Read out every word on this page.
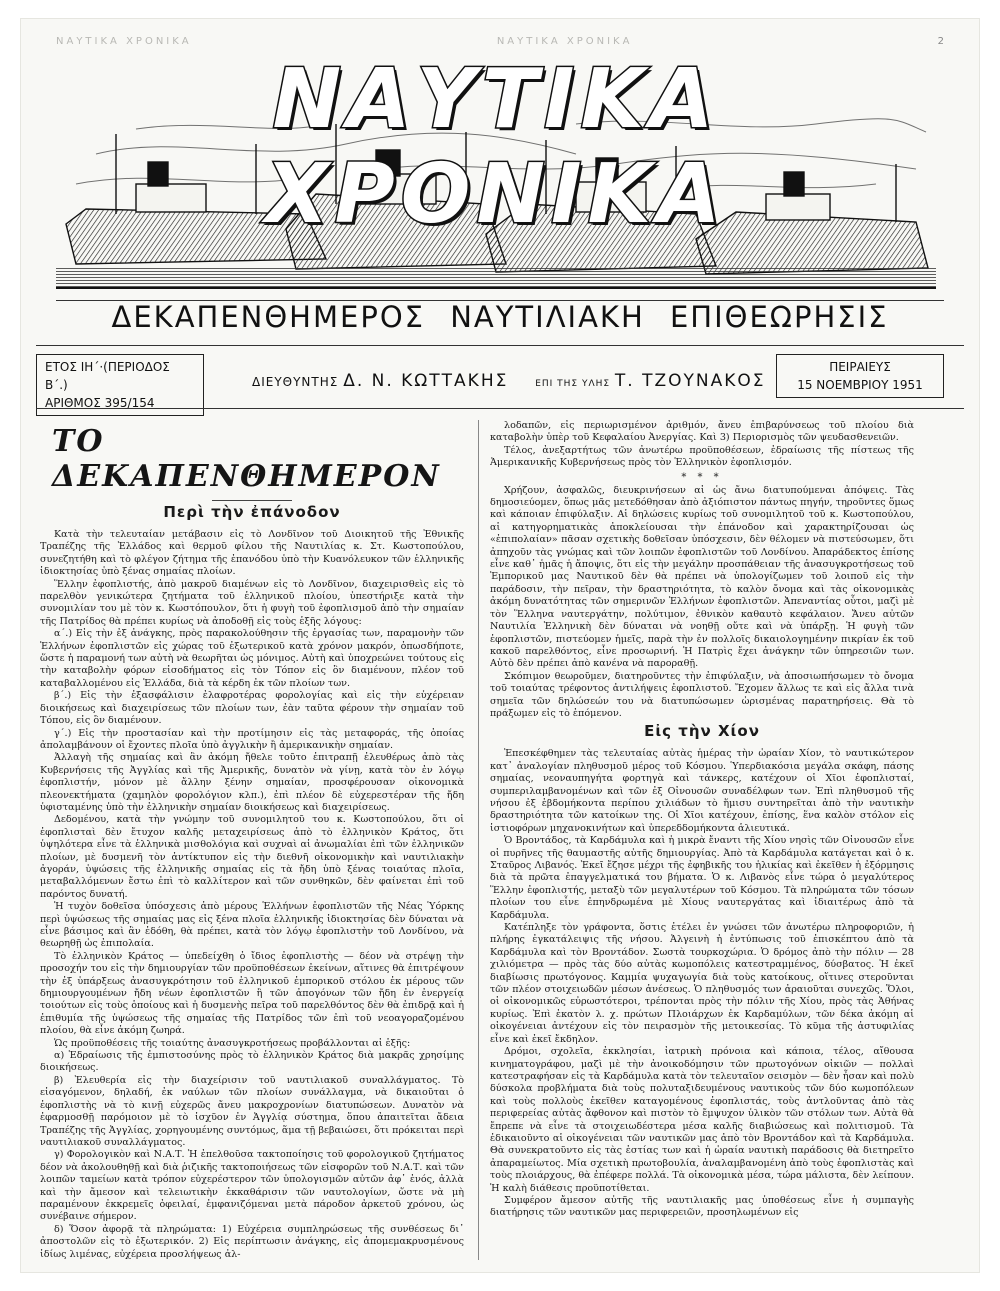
ΝΑΥΤΙΚΑ ΧΡΟΝΙΚΑ	ΝΑΥΤΙΚΑ ΧΡΟΝΙΚΑ	2
ΝΑΥΤΙΚΑ ΧΡΟΝΙΚΑ
ΔΕΚΑΠΕΝΘΗΜΕΡΟΣ ΝΑΥΤΙΛΙΑΚΗ ΕΠΙΘΕΩΡΗΣΙΣ
ΕΤΟΣ ΙΗ΄·(ΠΕΡΙΟΔΟΣ Β΄.)
ΑΡΙΘΜΟΣ 395/154
ΔΙΕΥΘΥΝΤΗΣ Δ. Ν. ΚΩΤΤΑΚΗΣ	ΕΠΙ ΤΗΣ ΥΛΗΣ Τ. ΤΖΟΥΝΑΚΟΣ
ΠΕΙΡΑΙΕΥΣ
15 ΝΟΕΜΒΡΙΟΥ 1951
ΤΟ ΔΕΚΑΠΕΝΘΗΜΕΡΟΝ
Περὶ τὴν ἐπάνοδον

Κατὰ τὴν τελευταίαν μετάβασιν εἰς τὸ Λονδῖνον τοῦ Διοικητοῦ τῆς Ἐθνικῆς Τραπέζης τῆς Ἑλλάδος καὶ θερμοῦ φίλου τῆς Ναυτιλίας κ. Στ. Κωστοπούλου, συνεζητήθη καὶ τὸ φλέγον ζήτημα τῆς ἐπανόδου ὑπὸ τὴν Κυανόλευκον τῶν ἑλληνικῆς ἰδιοκτησίας ὑπὸ ξένας σημαίας πλοίων.

Ἕλλην ἐφοπλιστής, ἀπὸ μακροῦ διαμένων εἰς τὸ Λονδῖνον, διαχειρισθεὶς εἰς τὸ παρελθὸν γενικώτερα ζητήματα τοῦ ἑλληνικοῦ πλοίου, ὑπεστήριξε κατὰ τὴν συνομιλίαν του μὲ τὸν κ. Κωστόπουλον, ὅτι ἡ φυγὴ τοῦ ἐφοπλισμοῦ ἀπὸ τὴν σημαίαν τῆς Πατρίδος θὰ πρέπει κυρίως νὰ ἀποδοθῇ εἰς τοὺς ἑξῆς λόγους:

α΄.) Εἰς τὴν ἐξ ἀνάγκης, πρὸς παρακολούθησιν τῆς ἐργασίας των, παραμονὴν τῶν Ἑλλήνων ἐφοπλιστῶν εἰς χώρας τοῦ ἐξωτερικοῦ κατὰ χρόνον μακρόν, ὁπωσδήποτε, ὥστε ἡ παραμονή των αὐτὴ νὰ θεωρῆται ὡς μόνιμος. Αὐτὴ καὶ ὑποχρεώνει τούτους εἰς τὴν καταβολὴν φόρων εἰσοδήματος εἰς τὸν Τόπον εἰς ὃν διαμένουν, πλέον τοῦ καταβαλλομένου εἰς Ἑλλάδα, διὰ τὰ κέρδη ἐκ τῶν πλοίων των.

β΄.) Εἰς τὴν ἐξασφάλισιν ἐλαφροτέρας φορολογίας καὶ εἰς τὴν εὐχέρειαν διοικήσεως καὶ διαχειρίσεως τῶν πλοίων των, ἐὰν ταῦτα φέρουν τὴν σημαίαν τοῦ Τόπου, εἰς ὃν διαμένουν.

γ΄.) Εἰς τὴν προστασίαν καὶ τὴν προτίμησιν εἰς τὰς μεταφοράς, τῆς ὁποίας ἀπολαμβάνουν οἱ ἔχοντες πλοῖα ὑπὸ ἀγγλικὴν ἢ ἀμερικανικὴν σημαίαν.

Ἀλλαγὴ τῆς σημαίας καὶ ἂν ἀκόμη ἤθελε τοῦτο ἐπιτραπῇ ἐλευθέρως ἀπὸ τὰς Κυβερνήσεις τῆς Ἀγγλίας καὶ τῆς Ἀμερικῆς, δυνατὸν νὰ γίνῃ, κατὰ τὸν ἐν λόγῳ ἐφοπλιστήν, μόνον μὲ ἄλλην ξένην σημαίαν, προσφέρουσαν οἰκονομικὰ πλεονεκτήματα (χαμηλὸν φορολόγιον κλπ.), ἐπὶ πλέον δὲ εὐχερεστέραν τῆς ἤδη ὑφισταμένης ὑπὸ τὴν ἑλληνικὴν σημαίαν διοικήσεως καὶ διαχειρίσεως.

Δεδομένου, κατὰ τὴν γνώμην τοῦ συνομιλητοῦ του κ. Κωστοπούλου, ὅτι οἱ ἐφοπλισταὶ δὲν ἔτυχον καλῆς μεταχειρίσεως ἀπὸ τὸ ἑλληνικὸν Κράτος, ὅτι ὑψηλότερα εἶνε τὰ ἑλληνικὰ μισθολόγια καὶ συχναὶ αἱ ἀνωμαλίαι ἐπὶ τῶν ἑλληνικῶν πλοίων, μὲ δυσμενῆ τὸν ἀντίκτυπον εἰς τὴν διεθνῆ οἰκονομικὴν καὶ ναυτιλιακὴν ἀγοράν, ὑψώσεις τῆς ἑλληνικῆς σημαίας εἰς τὰ ἤδη ὑπὸ ξένας τοιαύτας πλοῖα, μεταβαλλόμενων ἔστω ἐπὶ τὸ καλλίτερον καὶ τῶν συνθηκῶν, δὲν φαίνεται ἐπὶ τοῦ παρόντος δυνατή.

Ἡ τυχὸν δοθεῖσα ὑπόσχεσις ἀπὸ μέρους Ἑλλήνων ἐφοπλιστῶν τῆς Νέας Ὑόρκης περὶ ὑψώσεως τῆς σημαίας μας εἰς ξένα πλοῖα ἑλληνικῆς ἰδιοκτησίας δὲν δύναται νὰ εἶνε βάσιμος καὶ ἂν ἐδόθη, θὰ πρέπει, κατὰ τὸν λόγῳ ἐφοπλιστὴν τοῦ Λονδίνου, νὰ θεωρηθῇ ὡς ἐπιπολαία.

Τὸ ἑλληνικὸν Κράτος — ὑπεδείχθη ὁ ἴδιος ἐφοπλιστὴς — δέον νὰ στρέψῃ τὴν προσοχήν του εἰς τὴν δημιουργίαν τῶν προϋποθέσεων ἐκείνων, αἵτινες θὰ ἐπιτρέψουν τὴν ἐξ ὑπάρξεως ἀνασυγκρότησιν τοῦ ἑλληνικοῦ ἐμπορικοῦ στόλου ἐκ μέρους τῶν δημιουργουμένων ἤδη νέων ἐφοπλιστῶν ἢ τῶν ἀπογόνων τῶν ἤδη ἐν ἐνεργείᾳ τοιούτων εἰς τοὺς ὁποίους καὶ ἡ δυσμενὴς πεῖρα τοῦ παρελθόντος δὲν θὰ ἐπιδρᾷ καὶ ἡ ἐπιθυμία τῆς ὑψώσεως τῆς σημαίας τῆς Πατρίδος τῶν ἐπὶ τοῦ νεοαγοραζομένου πλοίου, θὰ εἶνε ἀκόμη ζωηρά.

Ὡς προϋποθέσεις τῆς τοιαύτης ἀνασυγκροτήσεως προβάλλονται αἱ ἑξῆς:

α) Ἑδραίωσις τῆς ἐμπιστοσύνης πρὸς τὸ ἑλληνικὸν Κράτος διὰ μακρᾶς χρησίμης διοικήσεως.

β) Ἐλευθερία εἰς τὴν διαχείρισιν τοῦ ναυτιλιακοῦ συναλλάγματος. Τὸ εἰσαγόμενον, δηλαδή, ἐκ ναύλων τῶν πλοίων συνάλλαγμα, νὰ δικαιοῦται ὁ ἐφοπλιστὴς νὰ τὸ κινῇ εὐχερῶς ἄνευ μακροχρονίων διατυπώσεων. Δυνατὸν νὰ ἐφαρμοσθῇ παρόμοιον μὲ τὸ ἰσχῦον ἐν Ἀγγλίᾳ σύστημα, ὅπου ἀπαιτεῖται ἄδεια Τραπέζης τῆς Ἀγγλίας, χορηγουμένης συντόμως, ἅμα τῇ βεβαιώσει, ὅτι πρόκειται περὶ ναυτιλιακοῦ συναλλάγματος.

γ) Φορολογικὸν καὶ Ν.Α.Τ. Ἡ ἐπελθοῦσα τακτοποίησις τοῦ φορολογικοῦ ζητήματος δέον νὰ ἀκολουθηθῇ καὶ διὰ ῥιζικῆς τακτοποιήσεως τῶν εἰσφορῶν τοῦ Ν.Α.Τ. καὶ τῶν λοιπῶν ταμείων κατὰ τρόπον εὐχερέστερον τῶν ὑπολογισμῶν αὐτῶν ἀφ᾽ ἑνός, ἀλλὰ καὶ τὴν ἄμεσον καὶ τελειωτικὴν ἐκκαθάρισιν τῶν ναυτολογίων, ὥστε νὰ μὴ παραμένουν ἐκκρεμεῖς ὀφειλαί, ἐμφανιζόμεναι μετὰ πάροδον ἀρκετοῦ χρόνου, ὡς συνέβαινε σήμερον.

δ) Ὅσον ἀφορᾷ τὰ πληρώματα: 1) Εὐχέρεια συμπληρώσεως τῆς συνθέσεως δι᾽ ἀποστολῶν εἰς τὸ ἐξωτερικόν. 2) Εἰς περίπτωσιν ἀνάγκης, εἰς ἀπομεμακρυσμένους ἰδίως λιμένας, εὐχέρεια προσλήψεως ἀλ-

λοδαπῶν, εἰς περιωρισμένον ἀριθμόν, ἄνευ ἐπιβαρύνσεως τοῦ πλοίου διὰ καταβολὴν ὑπὲρ τοῦ Κεφαλαίου Ἀνεργίας. Καὶ 3) Περιορισμὸς τῶν ψευδασθενειῶν.

Τέλος, ἀνεξαρτήτως τῶν ἀνωτέρω προϋποθέσεων, ἑδραίωσις τῆς πίστεως τῆς Ἀμερικανικῆς Κυβερνήσεως πρὸς τὸν Ἑλληνικὸν ἐφοπλισμόν.

* * *

Χρήζουν, ἀσφαλῶς, διευκρινήσεων αἱ ὡς ἄνω διατυπούμεναι ἀπόψεις. Τὰς δημοσιεύομεν, ὅπως μᾶς μετεδόθησαν ἀπὸ ἀξιόπιστον πάντως πηγήν, τηροῦντες ὅμως καὶ κάποιαν ἐπιφύλαξιν. Αἱ δηλώσεις κυρίως τοῦ συνομιλητοῦ τοῦ κ. Κωστοπούλου, αἱ κατηγορηματικὰς ἀποκλείουσαι τὴν ἐπάνοδον καὶ χαρακτηρίζουσαι ὡς «ἐπιπολαίαν» πᾶσαν σχετικὴς δοθεῖσαν ὑπόσχεσιν, δὲν θέλομεν νὰ πιστεύσωμεν, ὅτι ἀπηχοῦν τὰς γνώμας καὶ τῶν λοιπῶν ἐφοπλιστῶν τοῦ Λονδίνου. Ἀπαράδεκτος ἐπίσης εἶνε καθ᾽ ἡμᾶς ἡ ἄποψις, ὅτι εἰς τὴν μεγάλην προσπάθειαν τῆς ἀνασυγκροτήσεως τοῦ Ἐμπορικοῦ μας Ναυτικοῦ δὲν θὰ πρέπει νὰ ὑπολογίζωμεν τοῦ λοιποῦ εἰς τὴν παράδοσιν, τὴν πεῖραν, τὴν δραστηριότητα, τὸ καλὸν ὄνομα καὶ τὰς οἰκονομικὰς ἀκόμη δυνατότητας τῶν σημερινῶν Ἑλλήνων ἐφοπλιστῶν. Ἀπεναντίας οὗτοι, μαζὶ μὲ τὸν Ἕλληνα ναυτεργάτην, πολύτιμον, ἐθνικὸν καθαυτὸ κεφάλαιον. Ἄνευ αὐτῶν Ναυτιλία Ἑλληνικὴ δὲν δύναται νὰ νοηθῇ οὔτε καὶ νὰ ὑπάρξῃ. Ἡ φυγὴ τῶν ἐφοπλιστῶν, πιστεύομεν ἡμεῖς, παρὰ τὴν ἐν πολλοῖς δικαιολογημένην πικρίαν ἐκ τοῦ κακοῦ παρελθόντος, εἶνε προσωρινή. Ἡ Πατρὶς ἔχει ἀνάγκην τῶν ὑπηρεσιῶν των. Αὐτὸ δὲν πρέπει ἀπὸ κανένα νὰ παροραθῇ.

Σκόπιμον θεωροῦμεν, διατηροῦντες τὴν ἐπιφύλαξιν, νὰ ἀποσιωπήσωμεν τὸ ὄνομα τοῦ τοιαύτας τρέφοντος ἀντιλήψεις ἐφοπλιστοῦ. Ἔχομεν ἄλλως τε καὶ εἰς ἄλλα τινὰ σημεῖα τῶν δηλώσεών του νὰ διατυπώσωμεν ὡρισμένας παρατηρήσεις. Θὰ τὸ πράξωμεν εἰς τὸ ἑπόμενον.

Εἰς τὴν Χίον

Ἐπεσκέφθημεν τὰς τελευταίας αὐτὰς ἡμέρας τὴν ὡραίαν Χίον, τὸ ναυτικώτερον κατ᾽ ἀναλογίαν πληθυσμοῦ μέρος τοῦ Κόσμου. Ὑπερδιακόσια μεγάλα σκάφη, πάσης σημαίας, νεοναυπηγήτα φορτηγὰ καὶ τάνκερς, κατέχουν οἱ Χῖοι ἐφοπλισταί, συμπεριλαμβανομένων καὶ τῶν ἐξ Οἰνουσῶν συναδέλφων των. Ἐπὶ πληθυσμοῦ τῆς νήσου ἐξ ἑβδομήκοντα περίπου χιλιάδων τὸ ἥμισυ συντηρεῖται ἀπὸ τὴν ναυτικὴν δραστηριότητα τῶν κατοίκων της. Οἱ Χῖοι κατέχουν, ἐπίσης, ἕνα καλὸν στόλον εἰς ἱστιοφόρων μηχανοκινήτων καὶ ὑπερεδδομήκοντα ἁλιευτικά.

Ὁ Βροντάδος, τὰ Καρδάμυλα καὶ ἡ μικρὰ ἔναντι τῆς Χίου νησὶς τῶν Οἰνουσῶν εἶνε οἱ πυρῆνες τῆς θαυμαστῆς αὐτῆς δημιουργίας. Ἀπὸ τὰ Καρδάμυλα κατάγεται καὶ ὁ κ. Σταῦρος Λιβανός. Ἐκεῖ ἔζησε μέχρι τῆς ἐφηβικῆς του ἡλικίας καὶ ἐκεῖθεν ἡ ἐξόρμησις διὰ τὰ πρῶτα ἐπαγγελματικά του βήματα. Ὁ κ. Λιβανὸς εἶνε τώρα ὁ μεγαλύτερος Ἕλλην ἐφοπλιστής, μεταξὺ τῶν μεγαλυτέρων τοῦ Κόσμου. Τὰ πληρώματα τῶν τόσων πλοίων του εἶνε ἐπηνδρωμένα μὲ Χίους ναυτεργάτας καὶ ἰδιαιτέρως ἀπὸ τὰ Καρδάμυλα.

Κατέπληξε τὸν γράφοντα, ὅστις ἐτέλει ἐν γνώσει τῶν ἀνωτέρω πληροφοριῶν, ἡ πλήρης ἐγκατάλειψις τῆς νήσου. Ἀλγεινὴ ἡ ἐντύπωσις τοῦ ἐπισκέπτου ἀπὸ τὰ Καρδάμυλα καὶ τὸν Βροντάδον. Σωστὰ τουρκοχώρια. Ὁ δρόμος ἀπὸ τὴν πόλιν — 28 χιλιόμετρα — πρὸς τὰς δύο αὐτὰς κωμοπόλεις κατεστραμμένος, δύσβατος. Ἡ ἐκεῖ διαβίωσις πρωτόγονος. Καμμία ψυχαγωγία διὰ τοὺς κατοίκους, οἵτινες στεροῦνται τῶν πλέον στοιχειωδῶν μέσων ἀνέσεως. Ὁ πληθυσμός των ἀραιοῦται συνεχῶς. Ὅλοι, οἱ οἰκονομικῶς εὐρωστότεροι, τρέπονται πρὸς τὴν πόλιν τῆς Χίου, πρὸς τὰς Ἀθήνας κυρίως. Ἐπὶ ἑκατὸν λ. χ. πρώτων Πλοιάρχων ἐκ Καρδαμύλων, τῶν δέκα ἀκόμη αἱ οἰκογένειαι ἀντέχουν εἰς τὸν πειρασμὸν τῆς μετοικεσίας. Τὸ κῦμα τῆς ἀστυφιλίας εἶνε καὶ ἐκεῖ ἔκδηλον.

Δρόμοι, σχολεῖα, ἐκκλησίαι, ἰατρικὴ πρόνοια καὶ κάποια, τέλος, αἴθουσα κινηματογράφου, μαζὶ μὲ τὴν ἀνοικοδόμησιν τῶν πρωτογόνων οἰκιῶν — πολλαὶ κατεστραφήσαν εἰς τὰ Καρδάμυλα κατὰ τὸν τελευταῖον σεισμὸν — δὲν ἦσαν καὶ πολὺ δύσκολα προβλήματα διὰ τοὺς πολυταξιδευμένους ναυτικοὺς τῶν δύο κωμοπόλεων καὶ τοὺς πολλοὺς ἐκεῖθεν καταγομένους ἐφοπλιστάς, τοὺς ἀντλοῦντας ἀπὸ τὰς περιφερείας αὐτὰς ἄφθονον καὶ πιστὸν τὸ ἔμψυχον ὑλικὸν τῶν στόλων των. Αὐτὰ θὰ ἔπρεπε νὰ εἶνε τὰ στοιχειωδέστερα μέσα καλῆς διαβιώσεως καὶ πολιτισμοῦ. Τὰ ἐδικαιοῦντο αἱ οἰκογένειαι τῶν ναυτικῶν μας ἀπὸ τὸν Βροντάδον καὶ τὰ Καρδάμυλα. Θὰ συνεκρατοῦντο εἰς τὰς ἑστίας των καὶ ἡ ὡραία ναυτικὴ παράδοσις θὰ διετηρεῖτο ἀπαραμείωτος. Μία σχετικὴ πρωτοβουλία, ἀναλαμβανομένη ἀπὸ τοὺς ἐφοπλιστὰς καὶ τοὺς πλοιάρχους, θὰ ἐπέφερε πολλά. Τὰ οἰκονομικὰ μέσα, τώρα μάλιστα, δὲν λείπουν. Ἡ καλὴ διάθεσις προϋποτίθεται.

Συμφέρον ἄμεσον αὐτῆς τῆς ναυτιλιακῆς μας ὑποθέσεως εἶνε ἡ συμπαγὴς διατήρησις τῶν ναυτικῶν μας περιφερειῶν, προσηλωμένων εἰς
